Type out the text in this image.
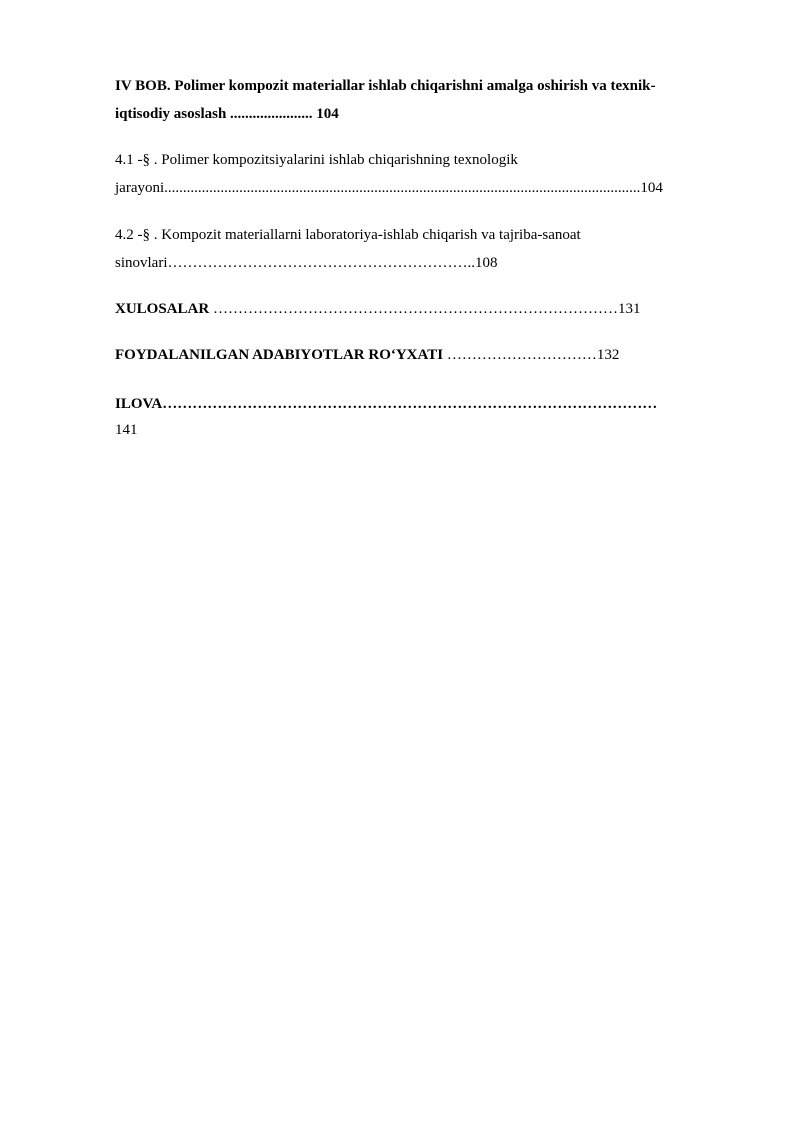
IV BOB. Polimer kompozit materiallar ishlab chiqarishni amalga oshirish va texnik-
iqtisodiy asoslash ...................... 104
4.1 -§ . Polimer kompozitsiyalarini ishlab chiqarishning texnologik
jarayoni...............................................................................................................................104
4.2 -§ . Kompozit materiallarni laboratoriya-ishlab chiqarish va tajriba-sanoat
sinovlari……………………………………………………..108
XULOSALAR ………………………………………………………………………131
FOYDALANILGAN ADABIYOTLAR RO‘YXATI …………………………132
ILOVA………………………………………………………………………………………
141
